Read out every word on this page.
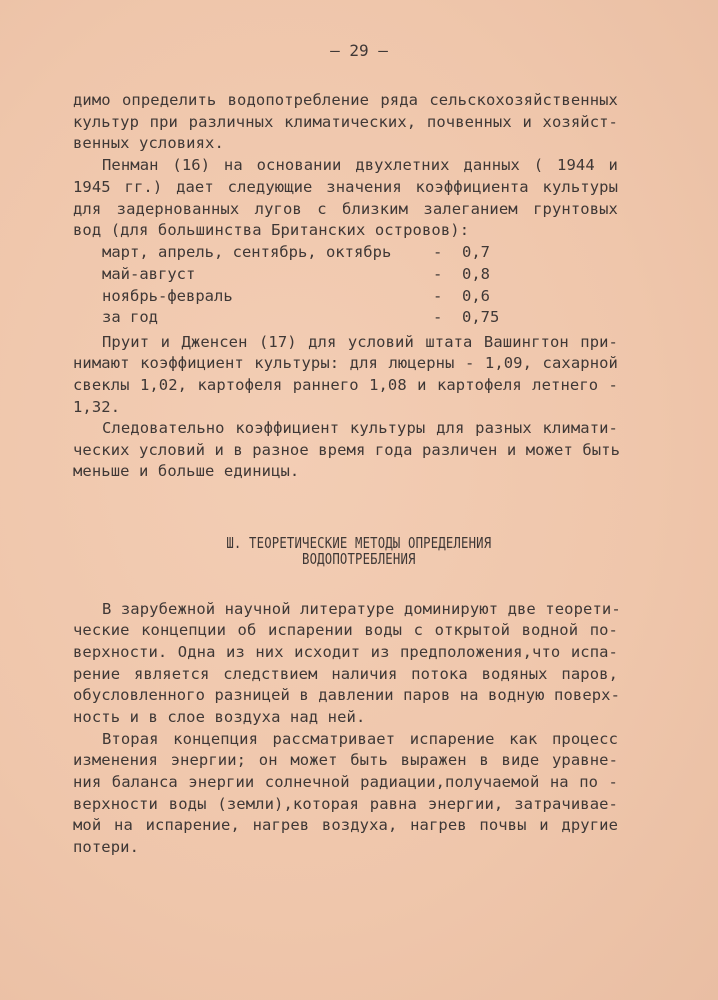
— 29 —
димо определить водопотребление ряда сельскохозяйственных
культур при различных климатических, почвенных и хозяйст-
венных условиях.
Пенман (16) на основании двухлетних данных ( 1944 и
1945 гг.) дает следующие значения коэффициента культуры
для задернованных лугов с близким залеганием грунтовых
вод (для большинства Британских островов):
март, апрель, сентябрь, октябрь	- 0,7
май-август	- 0,8
ноябрь-февраль	- 0,6
за год	- 0,75
Пруит и Дженсен (17) для условий штата Вашингтон при-
нимают коэффициент культуры: для люцерны - 1,09, сахарной
свеклы 1,02, картофеля раннего 1,08 и картофеля летнего -
1,32.
Следовательно коэффициент культуры для разных климати-
ческих условий и в разное время года различен и может быть
меньше и больше единицы.
Ш. ТЕОРЕТИЧЕСКИЕ МЕТОДЫ ОПРЕДЕЛЕНИЯ
ВОДОПОТРЕБЛЕНИЯ
В зарубежной научной литературе доминируют две теорети-
ческие концепции об испарении воды с открытой водной по-
верхности. Одна из них исходит из предположения,что испа-
рение является следствием наличия потока водяных паров,
обусловленного разницей в давлении паров на водную поверх-
ность и в слое воздуха над ней.
Вторая концепция рассматривает испарение как процесс
изменения энергии; он может быть выражен в виде уравне-
ния баланса энергии солнечной радиации,получаемой на по -
верхности воды (земли),которая равна энергии, затрачивае-
мой на испарение, нагрев воздуха, нагрев почвы и другие
потери.
